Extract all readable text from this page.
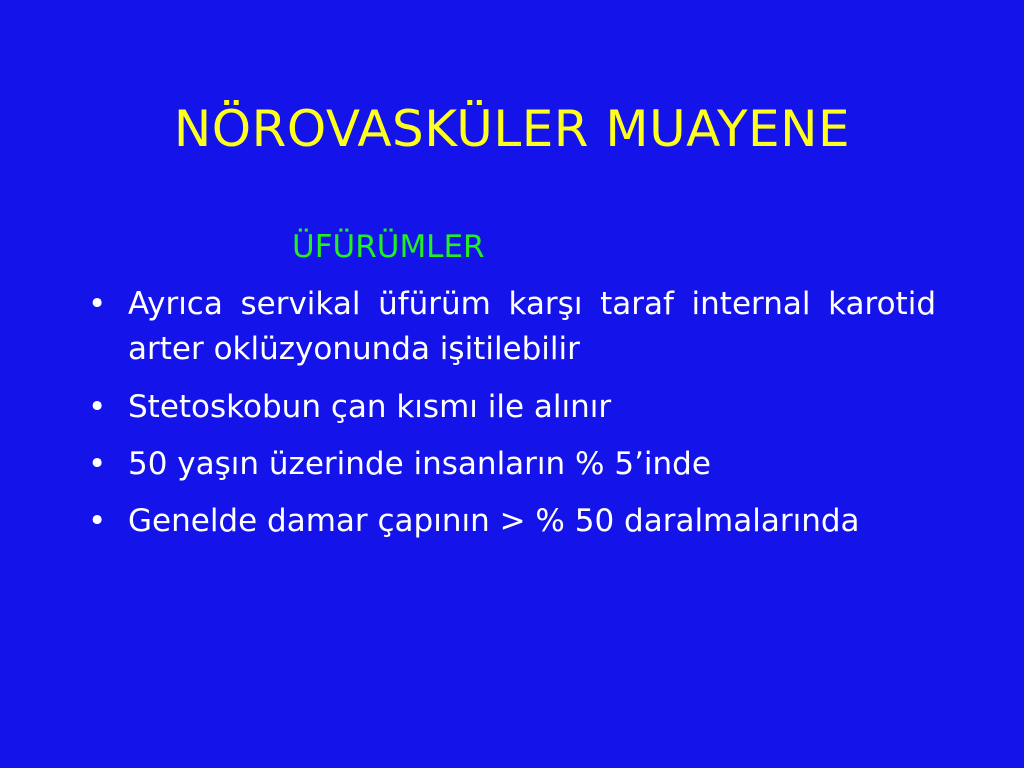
NÖROVASKÜLER MUAYENE
ÜFÜRÜMLER
• Ayrıca servikal üfürüm karşı taraf internal karotid arter oklüzyonunda işitilebilir
• Stetoskobun çan kısmı ile alınır
• 50 yaşın üzerinde insanların % 5’inde
• Genelde damar çapının > % 50 daralmalarında
